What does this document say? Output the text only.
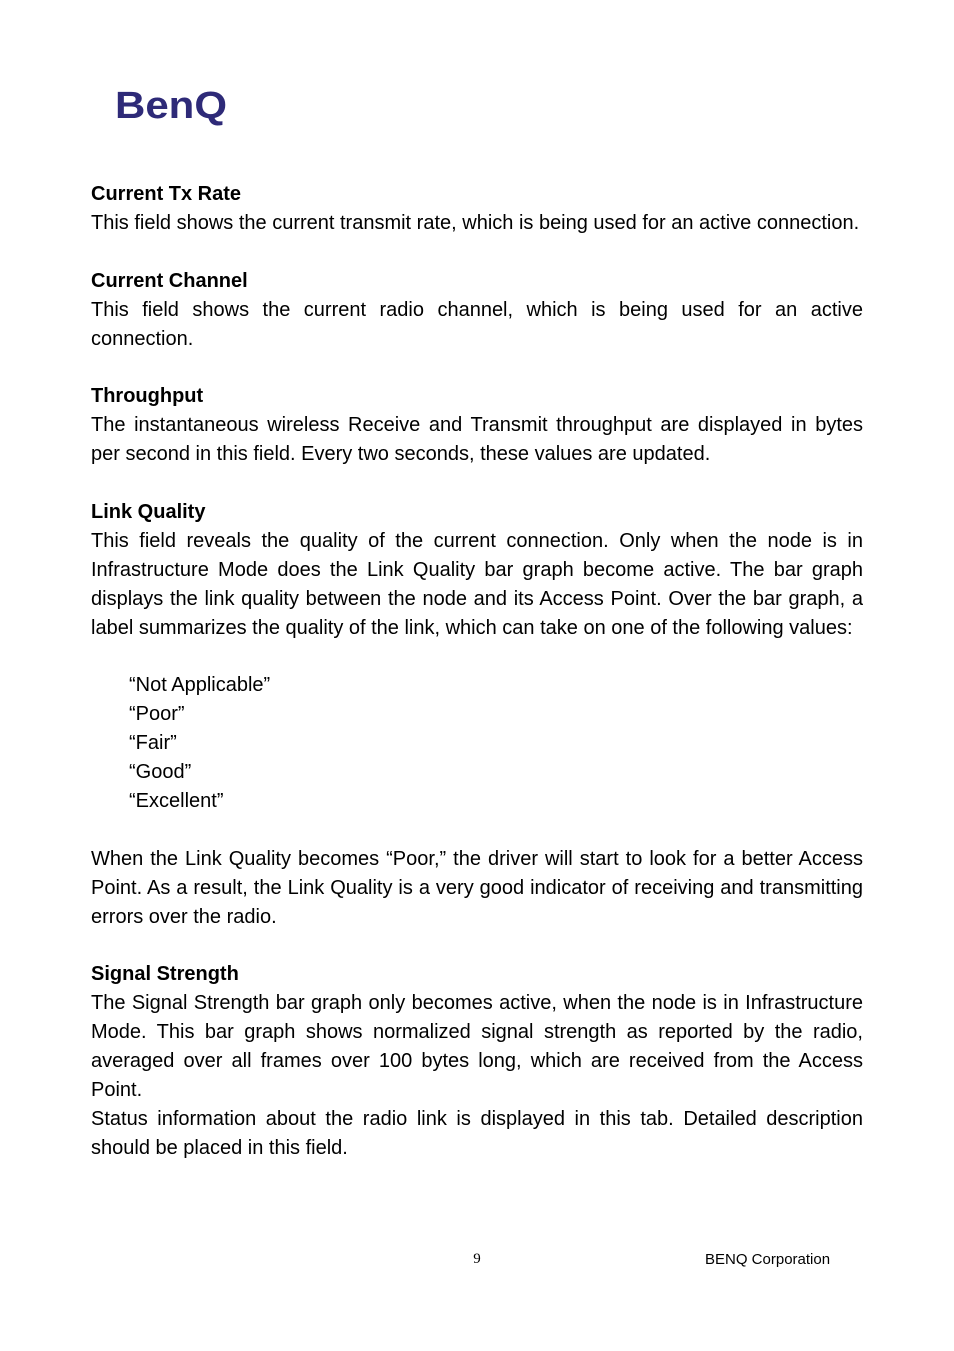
BenQ

Current Tx Rate

This field shows the current transmit rate, which is being used for an active connection.

Current Channel

This field shows the current radio channel, which is being used for an active connection.

Throughput

The instantaneous wireless Receive and Transmit throughput are displayed in bytes per second in this field. Every two seconds, these values are updated.

Link Quality

This field reveals the quality of the current connection. Only when the node is in Infrastructure Mode does the Link Quality bar graph become active. The bar graph displays the link quality between the node and its Access Point. Over the bar graph, a label summarizes the quality of the link, which can take on one of the following values:

“Not Applicable”
“Poor”
“Fair”
“Good”
“Excellent”

When the Link Quality becomes “Poor,” the driver will start to look for a better Access Point. As a result, the Link Quality is a very good indicator of receiving and transmitting errors over the radio.

Signal Strength

The Signal Strength bar graph only becomes active, when the node is in Infrastructure Mode. This bar graph shows normalized signal strength as reported by the radio, averaged over all frames over 100 bytes long, which are received from the Access Point.

Status information about the radio link is displayed in this tab. Detailed description should be placed in this field.

9	BENQ Corporation
